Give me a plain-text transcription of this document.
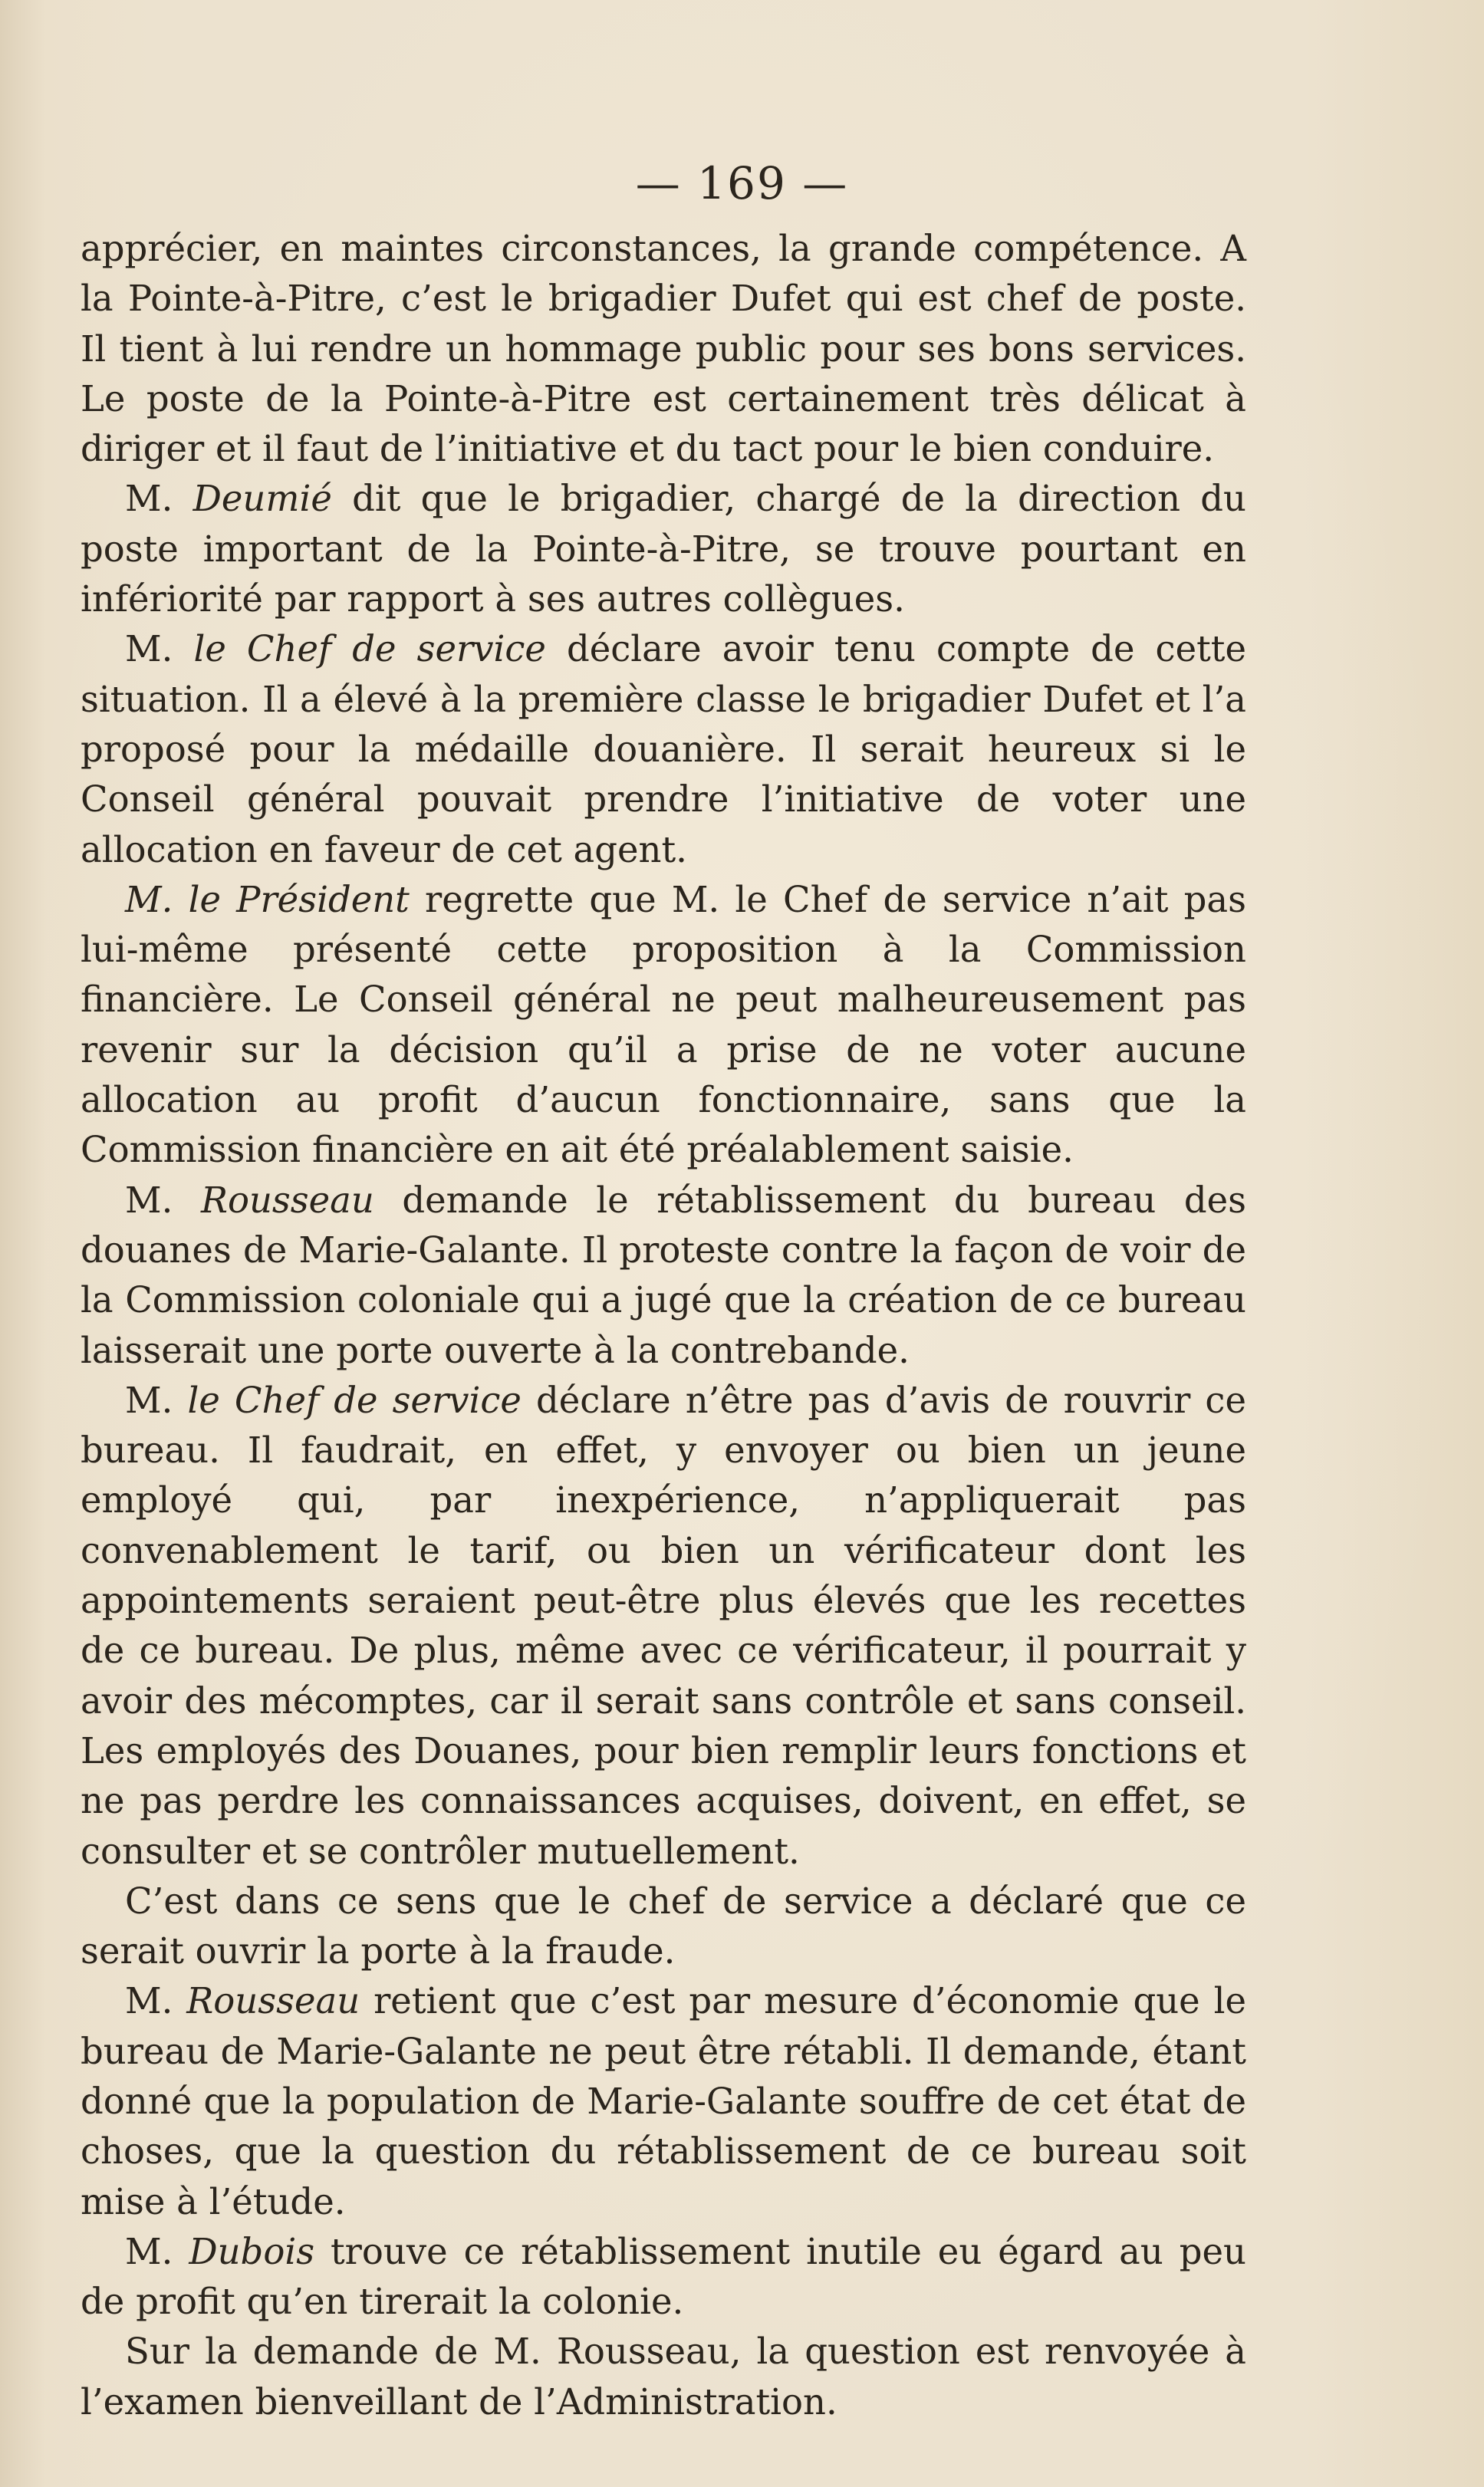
— 169 —

apprécier, en maintes circonstances, la grande compétence. A la Pointe-à-Pitre, c’est le brigadier Dufet qui est chef de poste. Il tient à lui rendre un hommage public pour ses bons services. Le poste de la Pointe-à-Pitre est certainement très délicat à diriger et il faut de l’initiative et du tact pour le bien conduire.

M. Deumié dit que le brigadier, chargé de la direction du poste important de la Pointe-à-Pitre, se trouve pourtant en infériorité par rapport à ses autres collègues.

M. le Chef de service déclare avoir tenu compte de cette situation. Il a élevé à la première classe le brigadier Dufet et l’a proposé pour la médaille douanière. Il serait heureux si le Conseil général pouvait prendre l’initiative de voter une allocation en faveur de cet agent.

M. le Président regrette que M. le Chef de service n’ait pas lui-même présenté cette proposition à la Commission financière. Le Conseil général ne peut malheureusement pas revenir sur la décision qu’il a prise de ne voter aucune allocation au profit d’aucun fonctionnaire, sans que la Commission financière en ait été préalablement saisie.

M. Rousseau demande le rétablissement du bureau des douanes de Marie-Galante. Il proteste contre la façon de voir de la Commission coloniale qui a jugé que la création de ce bureau laisserait une porte ouverte à la contrebande.

M. le Chef de service déclare n’être pas d’avis de rouvrir ce bureau. Il faudrait, en effet, y envoyer ou bien un jeune employé qui, par inexpérience, n’appliquerait pas convenablement le tarif, ou bien un vérificateur dont les appointements seraient peut-être plus élevés que les recettes de ce bureau. De plus, même avec ce vérificateur, il pourrait y avoir des mécomptes, car il serait sans contrôle et sans conseil. Les employés des Douanes, pour bien remplir leurs fonctions et ne pas perdre les connaissances acquises, doivent, en effet, se consulter et se contrôler mutuellement.

C’est dans ce sens que le chef de service a déclaré que ce serait ouvrir la porte à la fraude.

M. Rousseau retient que c’est par mesure d’économie que le bureau de Marie-Galante ne peut être rétabli. Il demande, étant donné que la population de Marie-Galante souffre de cet état de choses, que la question du rétablissement de ce bureau soit mise à l’étude.

M. Dubois trouve ce rétablissement inutile eu égard au peu de profit qu’en tirerait la colonie.

Sur la demande de M. Rousseau, la question est renvoyée à l’examen bienveillant de l’Administration.
